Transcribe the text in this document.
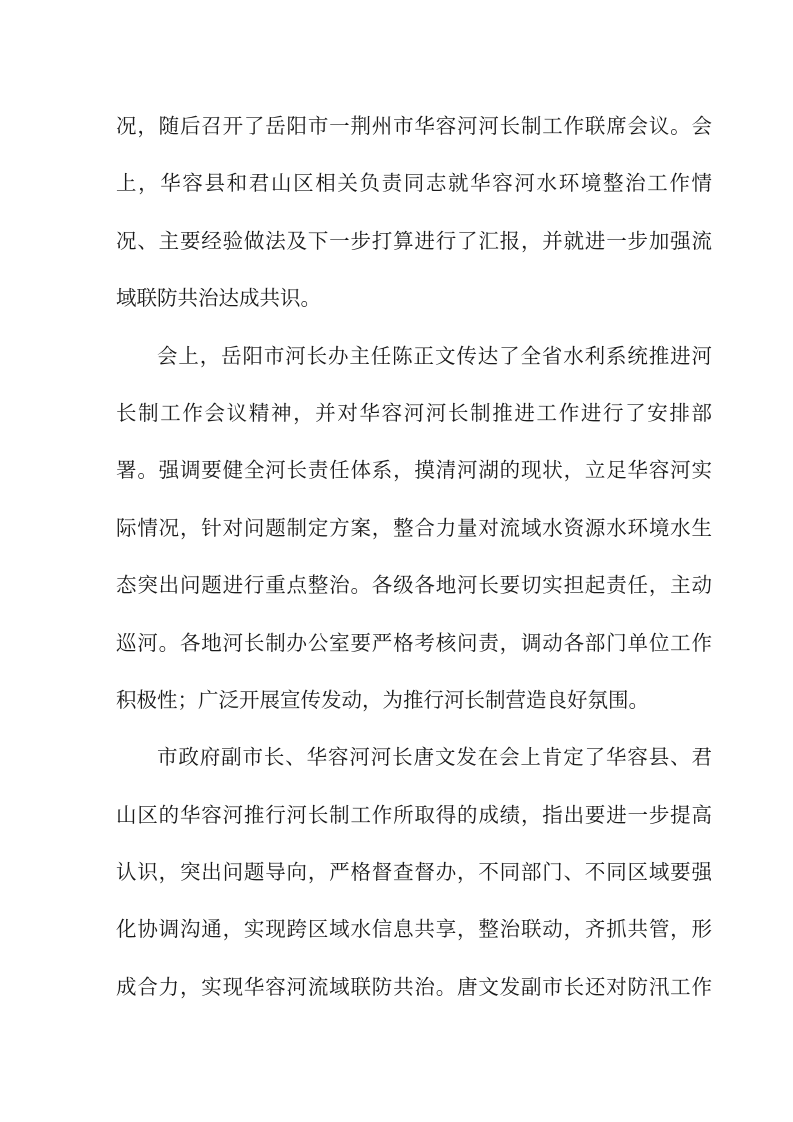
况，随后召开了岳阳市一荆州市华容河河长制工作联席会议。会
上，华容县和君山区相关负责同志就华容河水环境整治工作情
况、主要经验做法及下一步打算进行了汇报，并就进一步加强流
域联防共治达成共识。
会上，岳阳市河长办主任陈正文传达了全省水利系统推进河
长制工作会议精神，并对华容河河长制推进工作进行了安排部
署。强调要健全河长责任体系，摸清河湖的现状，立足华容河实
际情况，针对问题制定方案，整合力量对流域水资源水环境水生
态突出问题进行重点整治。各级各地河长要切实担起责任，主动
巡河。各地河长制办公室要严格考核问责，调动各部门单位工作
积极性；广泛开展宣传发动，为推行河长制营造良好氛围。
市政府副市长、华容河河长唐文发在会上肯定了华容县、君
山区的华容河推行河长制工作所取得的成绩，指出要进一步提高
认识，突出问题导向，严格督查督办，不同部门、不同区域要强
化协调沟通，实现跨区域水信息共享，整治联动，齐抓共管，形
成合力，实现华容河流域联防共治。唐文发副市长还对防汛工作
